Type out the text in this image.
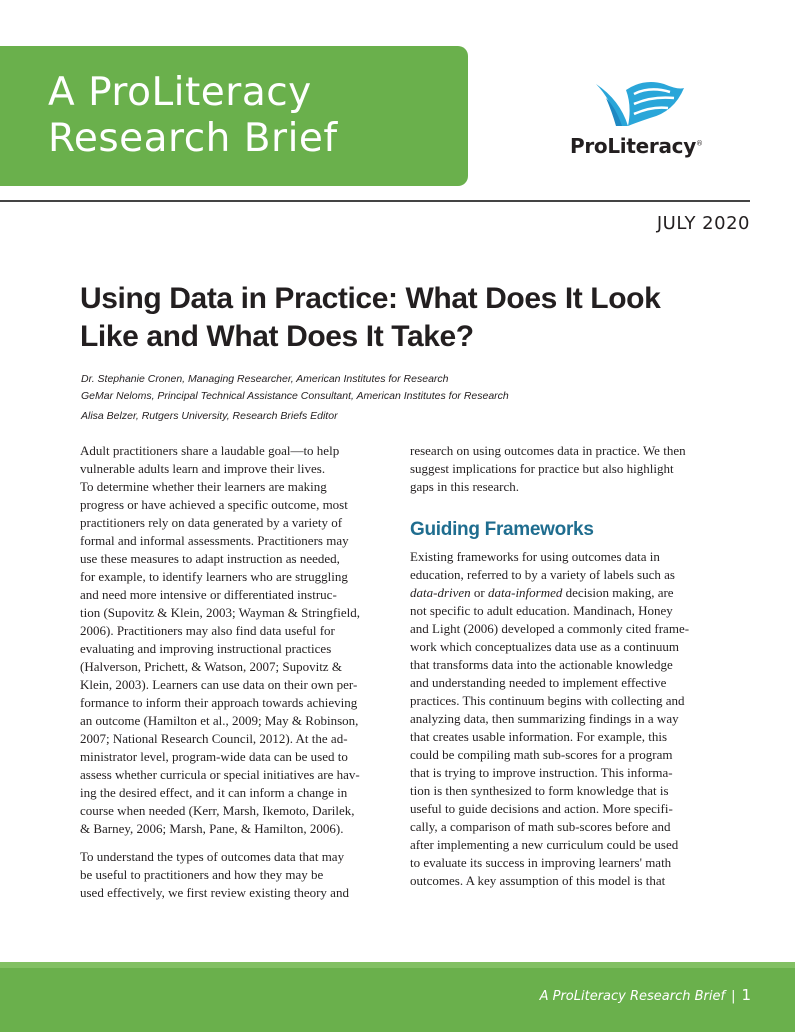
A ProLiteracy
Research Brief	ProLiteracy®
JULY 2020
Using Data in Practice: What Does It Look
Like and What Does It Take?
Dr. Stephanie Cronen, Managing Researcher, American Institutes for Research
GeMar Neloms, Principal Technical Assistance Consultant, American Institutes for Research
Alisa Belzer, Rutgers University, Research Briefs Editor

Adult practitioners share a laudable goal—to help
vulnerable adults learn and improve their lives.
To determine whether their learners are making
progress or have achieved a specific outcome, most
practitioners rely on data generated by a variety of
formal and informal assessments. Practitioners may
use these measures to adapt instruction as needed,
for example, to identify learners who are struggling
and need more intensive or differentiated instruc-
tion (Supovitz & Klein, 2003; Wayman & Stringfield,
2006). Practitioners may also find data useful for
evaluating and improving instructional practices
(Halverson, Prichett, & Watson, 2007; Supovitz &
Klein, 2003). Learners can use data on their own per-
formance to inform their approach towards achieving
an outcome (Hamilton et al., 2009; May & Robinson,
2007; National Research Council, 2012). At the ad-
ministrator level, program-wide data can be used to
assess whether curricula or special initiatives are hav-
ing the desired effect, and it can inform a change in
course when needed (Kerr, Marsh, Ikemoto, Darilek,
& Barney, 2006; Marsh, Pane, & Hamilton, 2006).

To understand the types of outcomes data that may
be useful to practitioners and how they may be
used effectively, we first review existing theory and

research on using outcomes data in practice. We then
suggest implications for practice but also highlight
gaps in this research.

Guiding Frameworks

Existing frameworks for using outcomes data in
education, referred to by a variety of labels such as
data-driven or data-informed decision making, are
not specific to adult education. Mandinach, Honey
and Light (2006) developed a commonly cited frame-
work which conceptualizes data use as a continuum
that transforms data into the actionable knowledge
and understanding needed to implement effective
practices. This continuum begins with collecting and
analyzing data, then summarizing findings in a way
that creates usable information. For example, this
could be compiling math sub-scores for a program
that is trying to improve instruction. This informa-
tion is then synthesized to form knowledge that is
useful to guide decisions and action. More specifi-
cally, a comparison of math sub-scores before and
after implementing a new curriculum could be used
to evaluate its success in improving learners' math
outcomes. A key assumption of this model is that

A ProLiteracy Research Brief | 1
